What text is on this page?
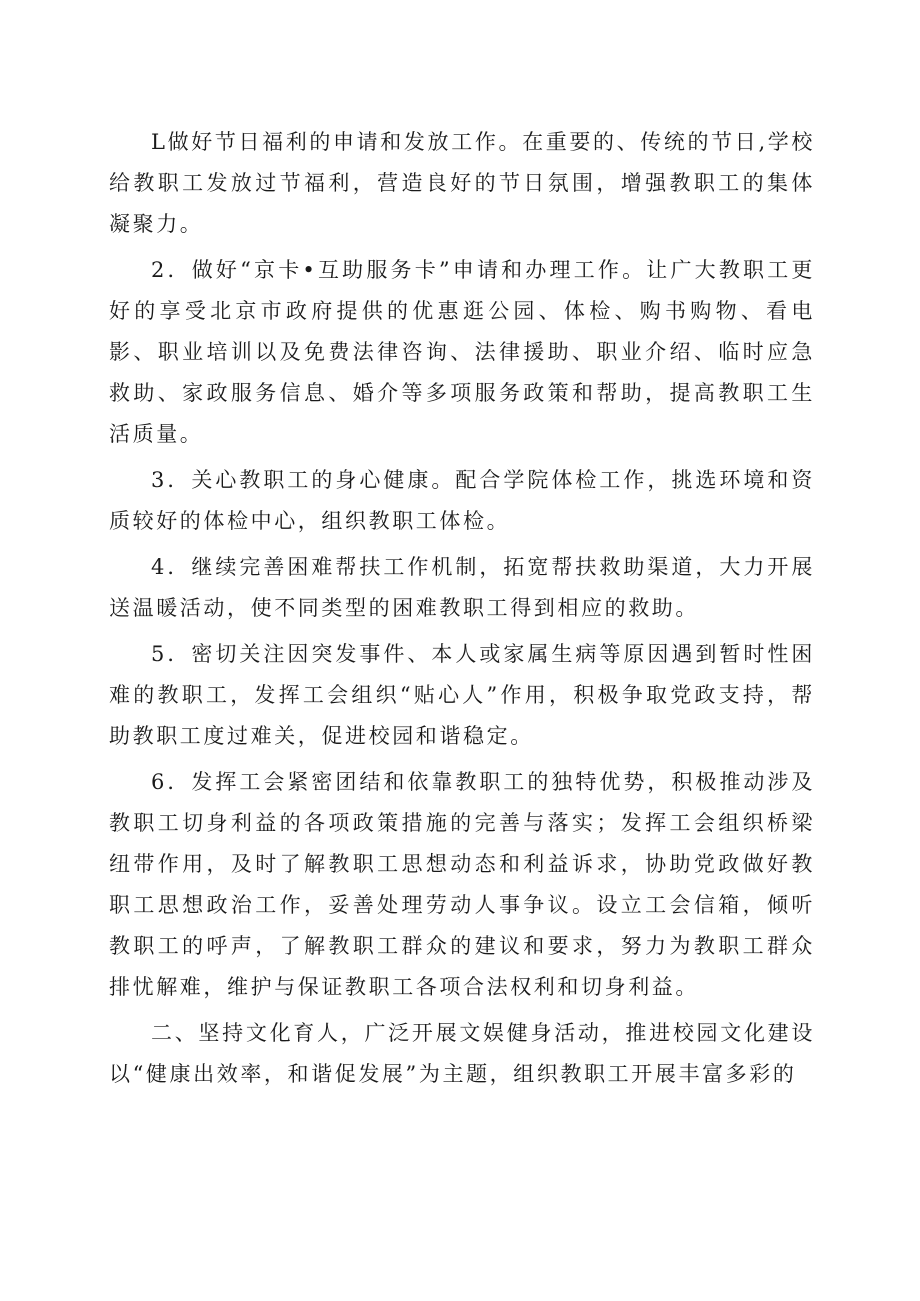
L做好节日福利的申请和发放工作。在重要的、传统的节日,学校给教职工发放过节福利，营造良好的节日氛围，增强教职工的集体凝聚力。

2．做好“京卡•互助服务卡”申请和办理工作。让广大教职工更好的享受北京市政府提供的优惠逛公园、体检、购书购物、看电影、职业培训以及免费法律咨询、法律援助、职业介绍、临时应急救助、家政服务信息、婚介等多项服务政策和帮助，提高教职工生活质量。

3．关心教职工的身心健康。配合学院体检工作，挑选环境和资质较好的体检中心，组织教职工体检。

4．继续完善困难帮扶工作机制，拓宽帮扶救助渠道，大力开展送温暖活动，使不同类型的困难教职工得到相应的救助。

5．密切关注因突发事件、本人或家属生病等原因遇到暂时性困难的教职工，发挥工会组织“贴心人”作用，积极争取党政支持，帮助教职工度过难关，促进校园和谐稳定。

6．发挥工会紧密团结和依靠教职工的独特优势，积极推动涉及教职工切身利益的各项政策措施的完善与落实；发挥工会组织桥梁纽带作用，及时了解教职工思想动态和利益诉求，协助党政做好教职工思想政治工作，妥善处理劳动人事争议。设立工会信箱，倾听教职工的呼声，了解教职工群众的建议和要求，努力为教职工群众排忧解难，维护与保证教职工各项合法权利和切身利益。

二、坚持文化育人，广泛开展文娱健身活动，推进校园文化建设以“健康出效率，和谐促发展”为主题，组织教职工开展丰富多彩的
